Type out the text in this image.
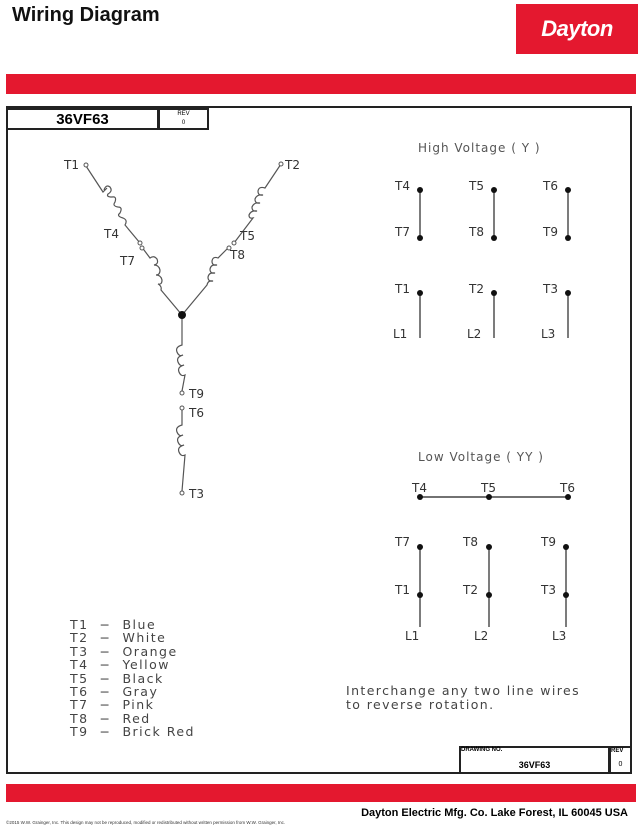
Wiring Diagram
Dayton
36VF63	REV
0
T1	T2
T4	T5
T7	T8
T9
T6
T3
High Voltage ( Y )
T4
T7
T5
T8
T6
T9
T1
L1
T2
L2
T3
L3
Low Voltage ( YY )
T4	T5	T6
T7
T1
L1
T8
T2
L2
T9
T3
L3
T1  −  Blue
T2  −  White
T3  −  Orange
T4  −  Yellow
T5  −  Black
T6  −  Gray
T7  −  Pink
T8  −  Red
T9  −  Brick Red
Interchange any two line wires
to reverse rotation.
DRAWING NO.
36VF63
REV
0
Dayton Electric Mfg. Co. Lake Forest, IL 60045 USA
©2015 W.W. Grainger, Inc. This design may not be reproduced, modified or redistributed without written permission from W.W. Grainger, Inc.
